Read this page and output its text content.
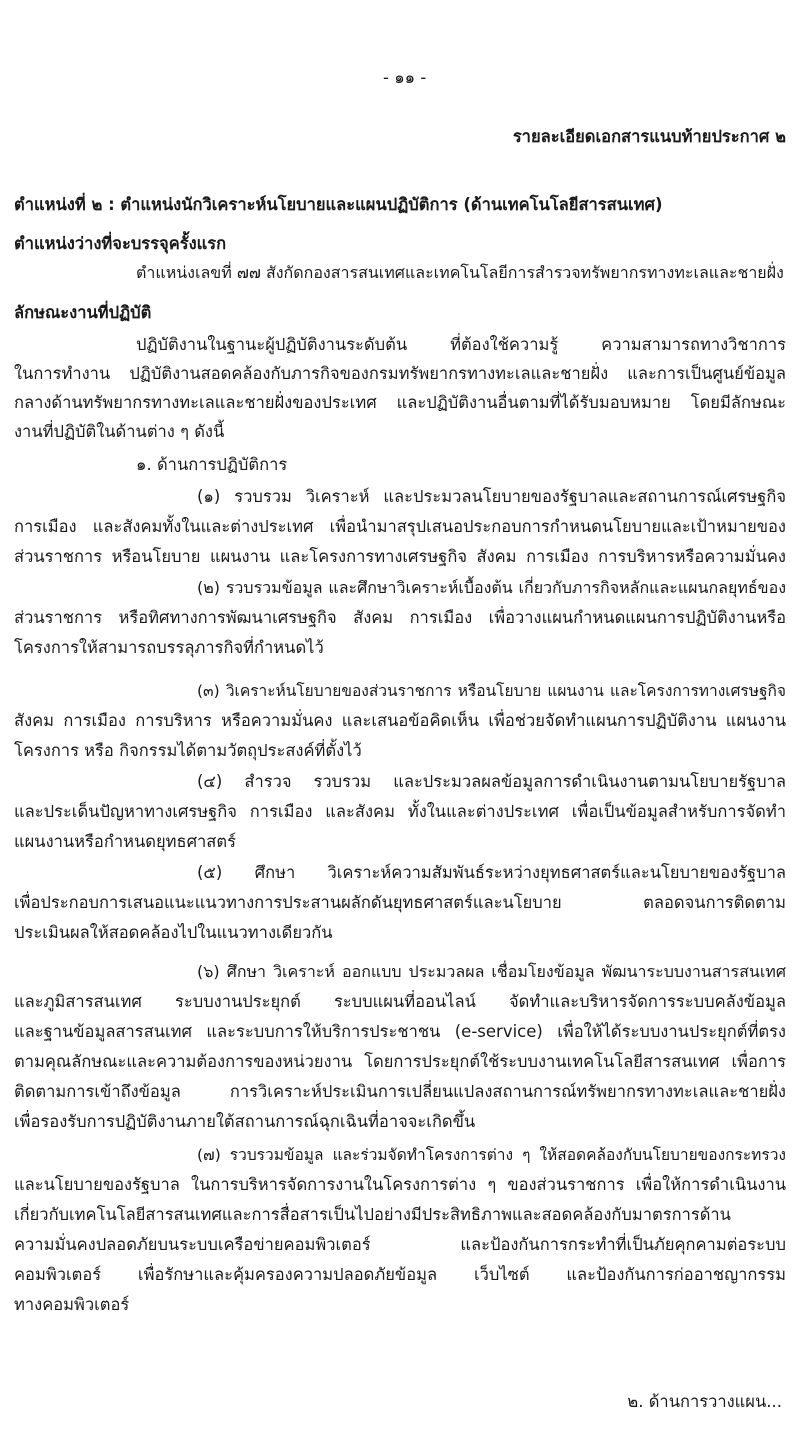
- ๑๑ -
รายละเอียดเอกสารแนบท้ายประกาศ ๒
ตำแหน่งที่ ๒ : ตำแหน่งนักวิเคราะห์นโยบายและแผนปฏิบัติการ (ด้านเทคโนโลยีสารสนเทศ)
ตำแหน่งว่างที่จะบรรจุครั้งแรก
ตำแหน่งเลขที่ ๗๗ สังกัดกองสารสนเทศและเทคโนโลยีการสำรวจทรัพยากรทางทะเลและชายฝั่ง
ลักษณะงานที่ปฏิบัติ
ปฏิบัติงานในฐานะผู้ปฏิบัติงานระดับต้น ที่ต้องใช้ความรู้ ความสามารถทางวิชาการ
ในการทำงาน ปฏิบัติงานสอดคล้องกับภารกิจของกรมทรัพยากรทางทะเลและชายฝั่ง และการเป็นศูนย์ข้อมูล
กลางด้านทรัพยากรทางทะเลและชายฝั่งของประเทศ และปฏิบัติงานอื่นตามที่ได้รับมอบหมาย โดยมีลักษณะ
งานที่ปฏิบัติในด้านต่าง ๆ ดังนี้
๑. ด้านการปฏิบัติการ
(๑) รวบรวม วิเคราะห์ และประมวลนโยบายของรัฐบาลและสถานการณ์เศรษฐกิจ
การเมือง และสังคมทั้งในและต่างประเทศ เพื่อนำมาสรุปเสนอประกอบการกำหนดนโยบายและเป้าหมายของ
ส่วนราชการ หรือนโยบาย แผนงาน และโครงการทางเศรษฐกิจ สังคม การเมือง การบริหารหรือความมั่นคง
(๒) รวบรวมข้อมูล และศึกษาวิเคราะห์เบื้องต้น เกี่ยวกับภารกิจหลักและแผนกลยุทธ์ของ
ส่วนราชการ หรือทิศทางการพัฒนาเศรษฐกิจ สังคม การเมือง เพื่อวางแผนกำหนดแผนการปฏิบัติงานหรือ
โครงการให้สามารถบรรลุภารกิจที่กำหนดไว้
(๓) วิเคราะห์นโยบายของส่วนราชการ หรือนโยบาย แผนงาน และโครงการทางเศรษฐกิจ
สังคม การเมือง การบริหาร หรือความมั่นคง และเสนอข้อคิดเห็น เพื่อช่วยจัดทำแผนการปฏิบัติงาน แผนงาน
โครงการ หรือ กิจกรรมได้ตามวัตถุประสงค์ที่ตั้งไว้
(๔) สำรวจ รวบรวม และประมวลผลข้อมูลการดำเนินงานตามนโยบายรัฐบาล
และประเด็นปัญหาทางเศรษฐกิจ การเมือง และสังคม ทั้งในและต่างประเทศ เพื่อเป็นข้อมูลสำหรับการจัดทำ
แผนงานหรือกำหนดยุทธศาสตร์
(๕) ศึกษา วิเคราะห์ความสัมพันธ์ระหว่างยุทธศาสตร์และนโยบายของรัฐบาล
เพื่อประกอบการเสนอแนะแนวทางการประสานผลักดันยุทธศาสตร์และนโยบาย ตลอดจนการติดตาม
ประเมินผลให้สอดคล้องไปในแนวทางเดียวกัน
(๖) ศึกษา วิเคราะห์ ออกแบบ ประมวลผล เชื่อมโยงข้อมูล พัฒนาระบบงานสารสนเทศ
และภูมิสารสนเทศ ระบบงานประยุกต์ ระบบแผนที่ออนไลน์ จัดทำและบริหารจัดการระบบคลังข้อมูล
และฐานข้อมูลสารสนเทศ และระบบการให้บริการประชาชน (e-service) เพื่อให้ได้ระบบงานประยุกต์ที่ตรง
ตามคุณลักษณะและความต้องการของหน่วยงาน โดยการประยุกต์ใช้ระบบงานเทคโนโลยีสารสนเทศ เพื่อการ
ติดตามการเข้าถึงข้อมูล การวิเคราะห์ประเมินการเปลี่ยนแปลงสถานการณ์ทรัพยากรทางทะเลและชายฝั่ง
เพื่อรองรับการปฏิบัติงานภายใต้สถานการณ์ฉุกเฉินที่อาจจะเกิดขึ้น
(๗) รวบรวมข้อมูล และร่วมจัดทำโครงการต่าง ๆ ให้สอดคล้องกับนโยบายของกระทรวง
และนโยบายของรัฐบาล ในการบริหารจัดการงานในโครงการต่าง ๆ ของส่วนราชการ เพื่อให้การดำเนินงาน
เกี่ยวกับเทคโนโลยีสารสนเทศและการสื่อสารเป็นไปอย่างมีประสิทธิภาพและสอดคล้องกับมาตรการด้าน
ความมั่นคงปลอดภัยบนระบบเครือข่ายคอมพิวเตอร์ และป้องกันการกระทำที่เป็นภัยคุกคามต่อระบบ
คอมพิวเตอร์ เพื่อรักษาและคุ้มครองความปลอดภัยข้อมูล เว็บไซต์ และป้องกันการก่ออาชญากรรม
ทางคอมพิวเตอร์
๒. ด้านการวางแผน...
